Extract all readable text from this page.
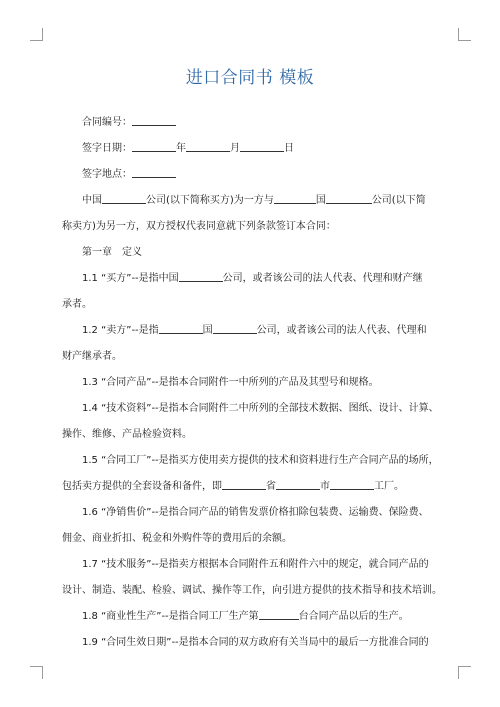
进口合同书 模板
合同编号：
签字日期：	年	月	日
签字地点：
中国	公司(以下简称买方)为一方与	国	公司(以下简
称卖方)为另一方，双方授权代表同意就下列条款签订本合同：
第一章　定义
1.1 “买方”--是指中国	公司，或者该公司的法人代表、代理和财产继
承者。
1.2 “卖方”--是指	国	公司，或者该公司的法人代表、代理和
财产继承者。
1.3 “合同产品”--是指本合同附件一中所列的产品及其型号和规格。
1.4 “技术资料”--是指本合同附件二中所列的全部技术数据、图纸、设计、计算、
操作、维修、产品检验资料。
1.5 “合同工厂”--是指买方使用卖方提供的技术和资料进行生产合同产品的场所，
包括卖方提供的全套设备和备件，即	省	市	工厂。
1.6 “净销售价”--是指合同产品的销售发票价格扣除包装费、运输费、保险费、
佣金、商业折扣、税金和外购件等的费用后的余额。
1.7 “技术服务”--是指卖方根据本合同附件五和附件六中的规定，就合同产品的
设计、制造、装配、检验、调试、操作等工作，向引进方提供的技术指导和技术培训。
1.8 “商业性生产”--是指合同工厂生产第	台合同产品以后的生产。
1.9 “合同生效日期”--是指本合同的双方政府有关当局中的最后一方批准合同的
